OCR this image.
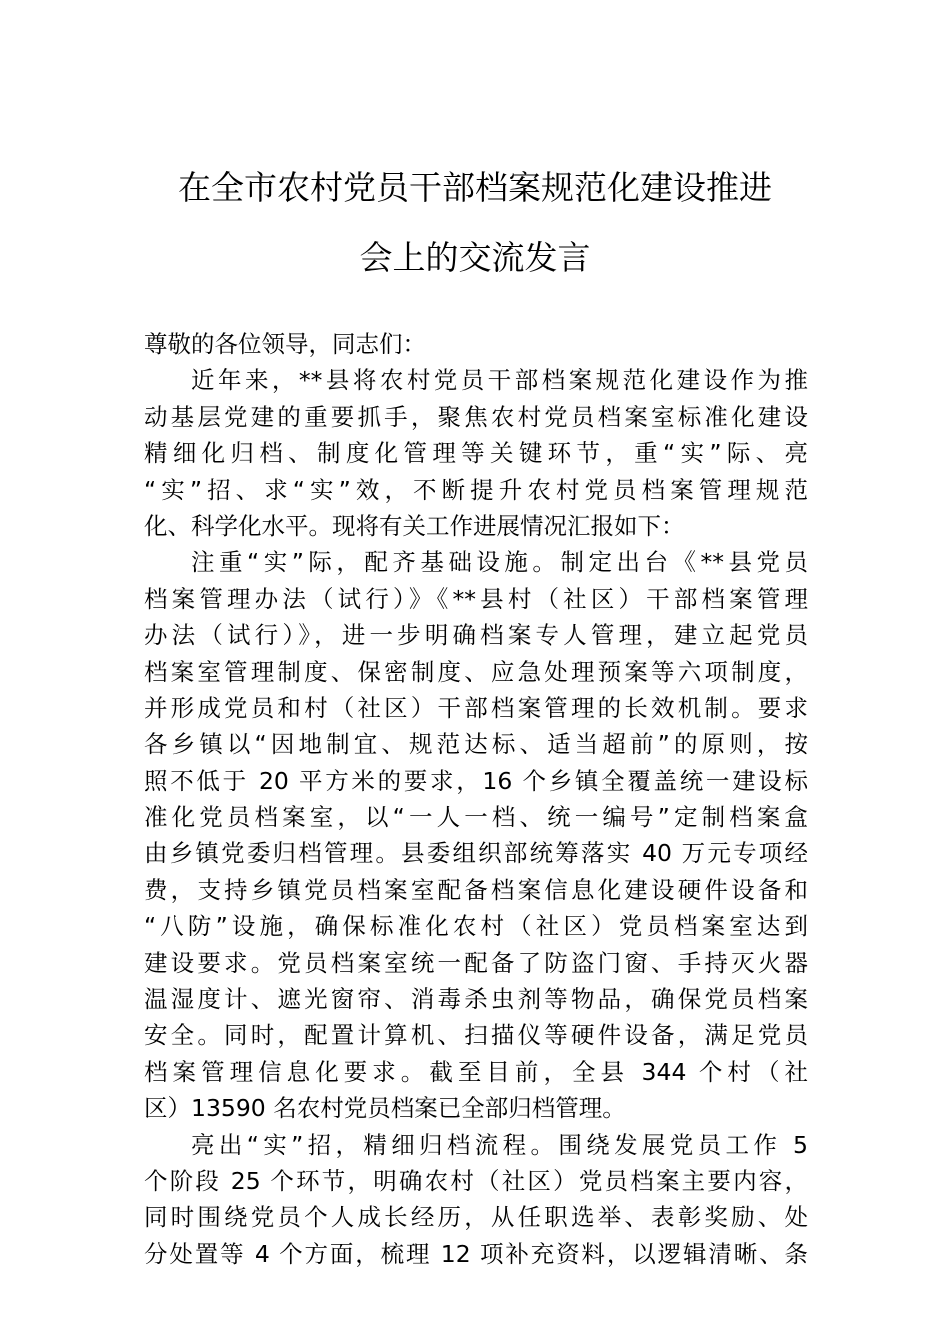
在全市农村党员干部档案规范化建设推进
会上的交流发言
尊敬的各位领导，同志们：
近年来，**县将农村党员干部档案规范化建设作为推
动基层党建的重要抓手，聚焦农村党员档案室标准化建设
精细化归档、制度化管理等关键环节，重“实”际、亮
“实”招、求“实”效，不断提升农村党员档案管理规范
化、科学化水平。现将有关工作进展情况汇报如下：
注重“实”际，配齐基础设施。制定出台《**县党员
档案管理办法（试行）》《**县村（社区）干部档案管理
办法（试行）》，进一步明确档案专人管理，建立起党员
档案室管理制度、保密制度、应急处理预案等六项制度，
并形成党员和村（社区）干部档案管理的长效机制。要求
各乡镇以“因地制宜、规范达标、适当超前”的原则，按
照不低于 20 平方米的要求，16 个乡镇全覆盖统一建设标
准化党员档案室，以“一人一档、统一编号”定制档案盒
由乡镇党委归档管理。县委组织部统筹落实 40 万元专项经
费，支持乡镇党员档案室配备档案信息化建设硬件设备和
“八防”设施，确保标准化农村（社区）党员档案室达到
建设要求。党员档案室统一配备了防盗门窗、手持灭火器
温湿度计、遮光窗帘、消毒杀虫剂等物品，确保党员档案
安全。同时，配置计算机、扫描仪等硬件设备，满足党员
档案管理信息化要求。截至目前，全县 344 个村（社
区）13590 名农村党员档案已全部归档管理。
亮出“实”招，精细归档流程。围绕发展党员工作 5
个阶段 25 个环节，明确农村（社区）党员档案主要内容，
同时围绕党员个人成长经历，从任职选举、表彰奖励、处
分处置等 4 个方面，梳理 12 项补充资料，以逻辑清晰、条
